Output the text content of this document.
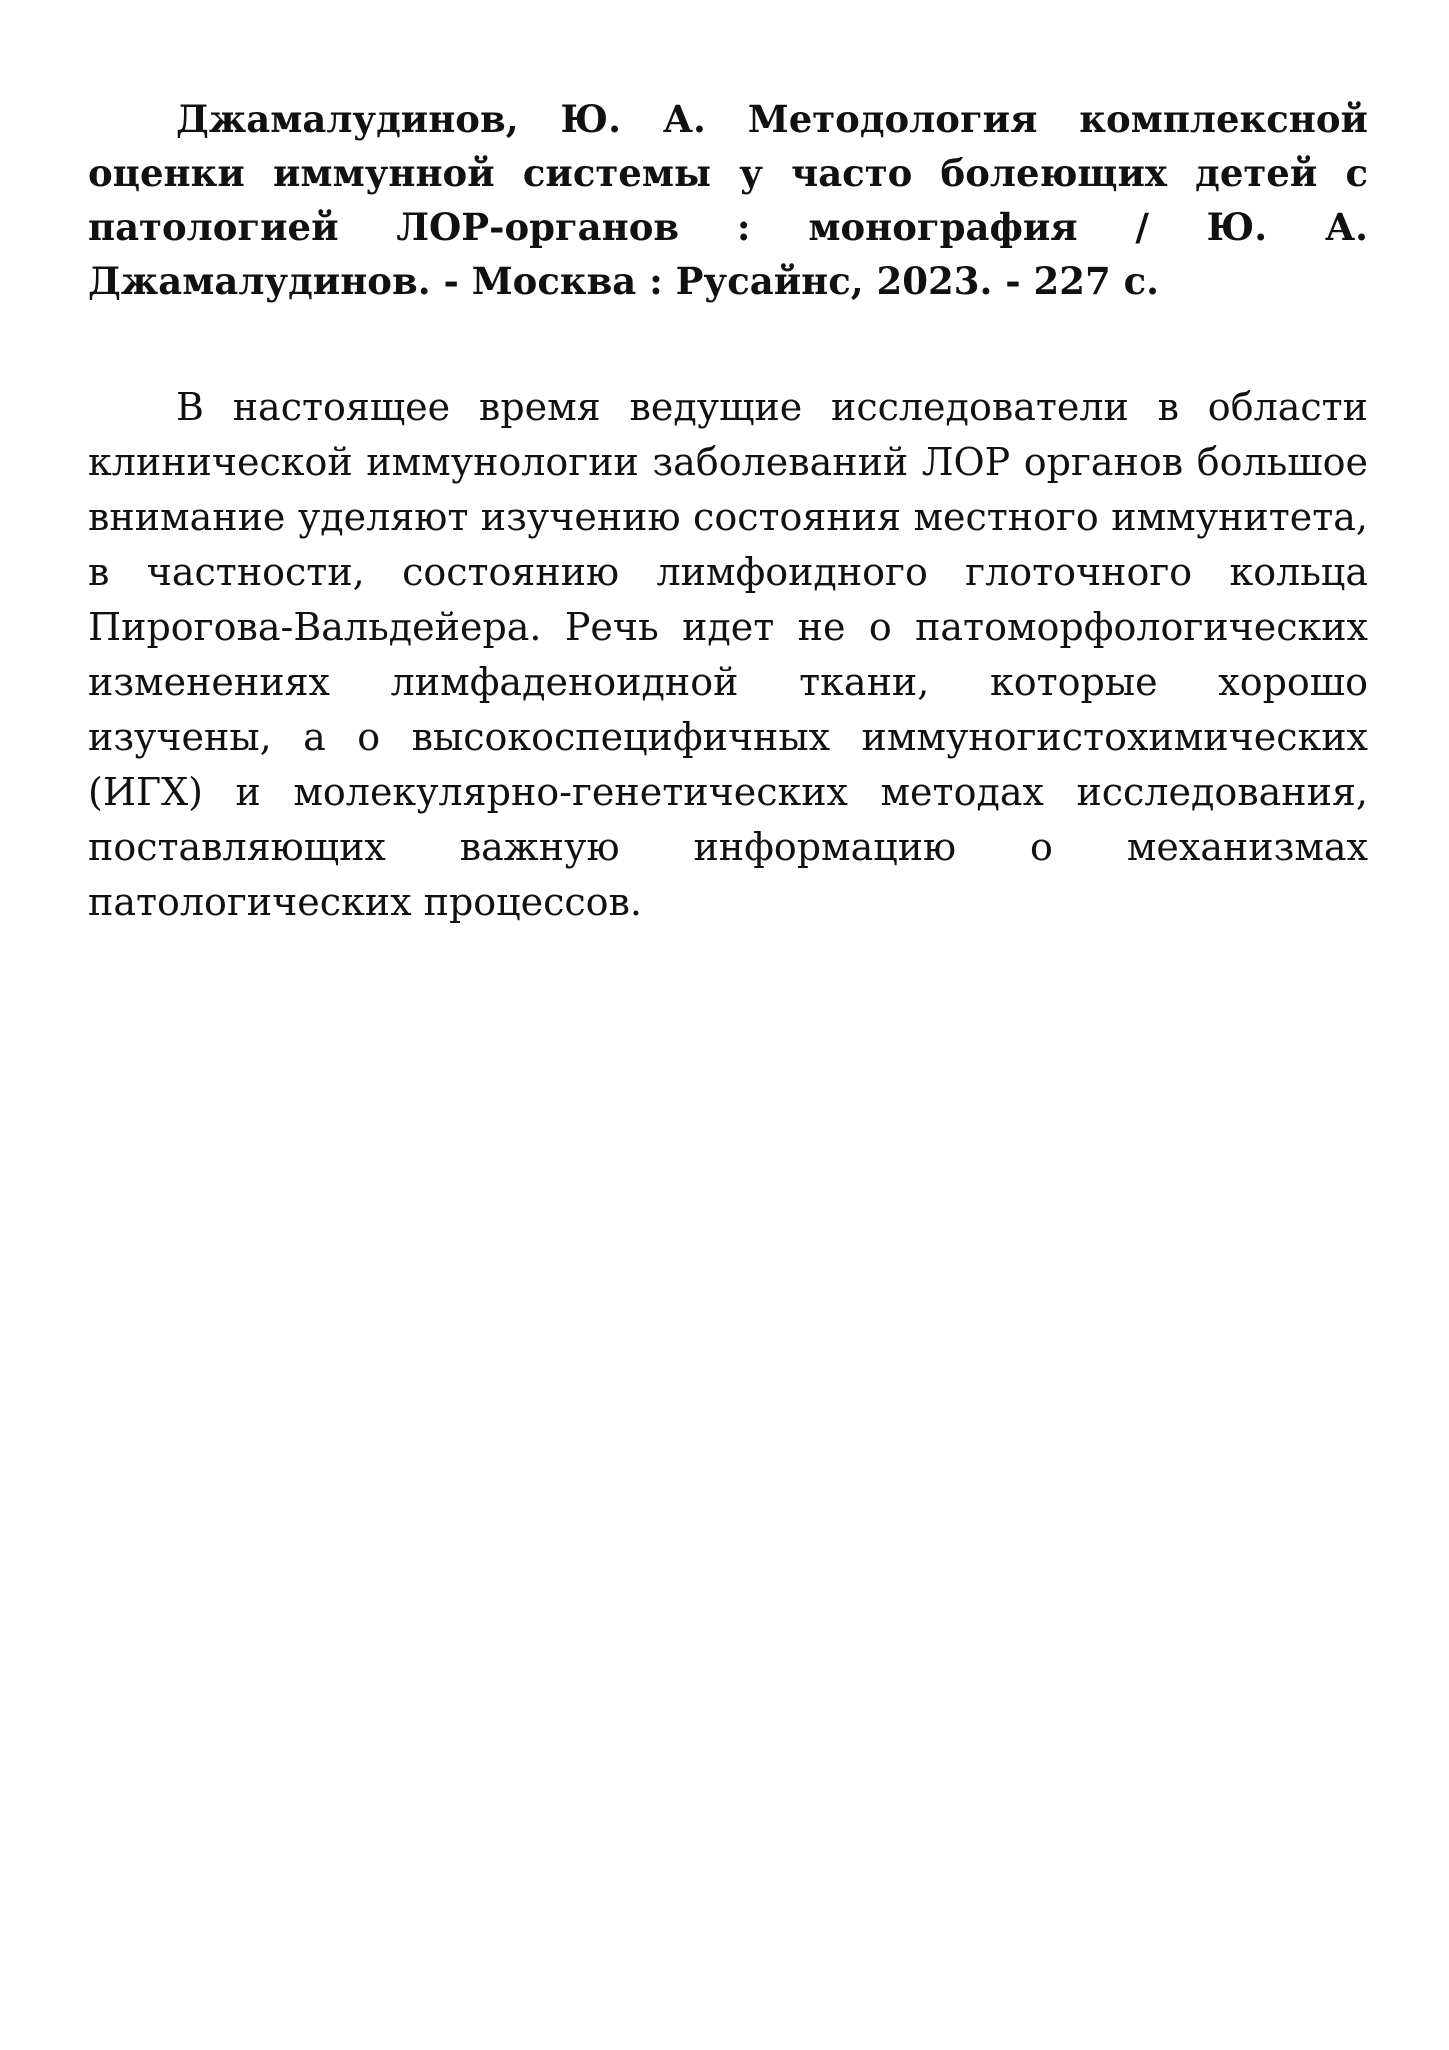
Джамалудинов, Ю. А. Методология комплексной оценки иммунной системы у часто болеющих детей с патологией ЛОР-органов : монография / Ю. А. Джамалудинов. - Москва : Русайнс, 2023. - 227 с.

В настоящее время ведущие исследователи в области клинической иммунологии заболеваний ЛОР органов большое внимание уделяют изучению состояния местного иммунитета, в частности, состоянию лимфоидного глоточного кольца Пирогова-Вальдейера. Речь идет не о патоморфологических изменениях лимфаденоидной ткани, которые хорошо изучены, а о высокоспецифичных иммуногистохимических (ИГХ) и молекулярно-генетических методах исследования, поставляющих важную информацию о механизмах патологических процессов.
